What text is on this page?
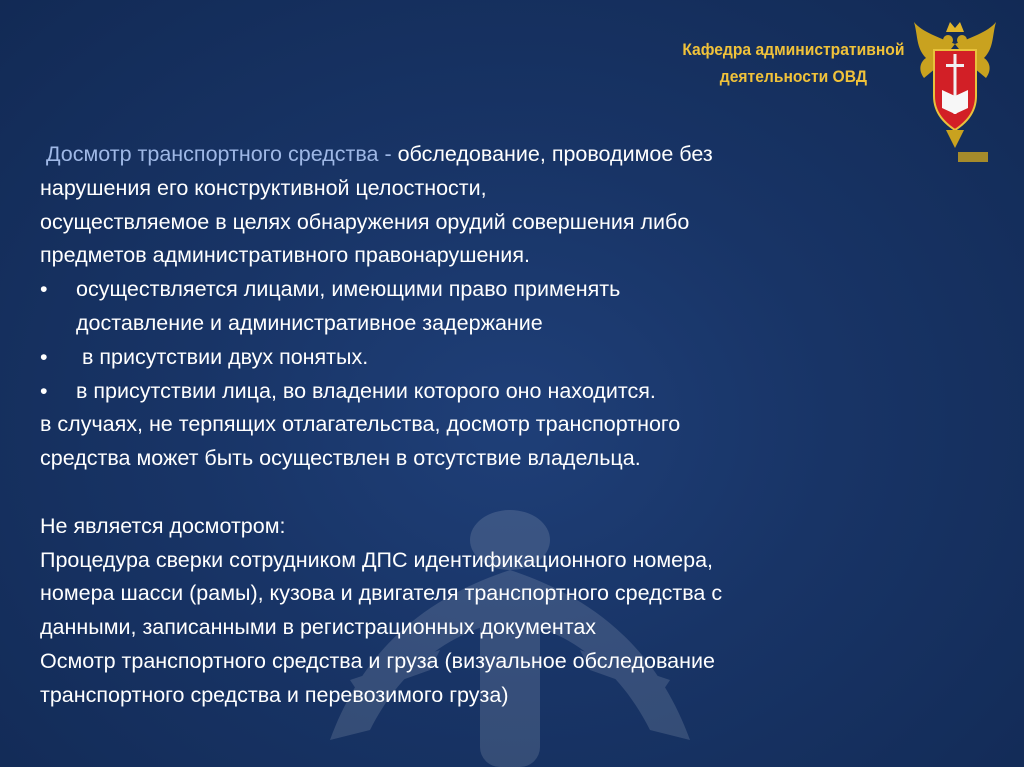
Кафедра административной
деятельности ОВД

Досмотр транспортного средства - обследование, проводимое без

нарушения его конструктивной целостности,

осуществляемое в целях обнаружения орудий совершения либо

предметов административного правонарушения.

• осуществляется лицами, имеющими право применять

доставление и административное задержание

• в присутствии двух понятых.

• в присутствии лица, во владении которого оно находится.

в случаях, не терпящих отлагательства, досмотр транспортного

средства может быть осуществлен в отсутствие владельца.

Не является досмотром:

Процедура сверки сотрудником ДПС идентификационного номера,

номера шасси (рамы), кузова и двигателя транспортного средства с

данными, записанными в регистрационных документах

Осмотр транспортного средства и груза (визуальное обследование

транспортного средства и перевозимого груза)
